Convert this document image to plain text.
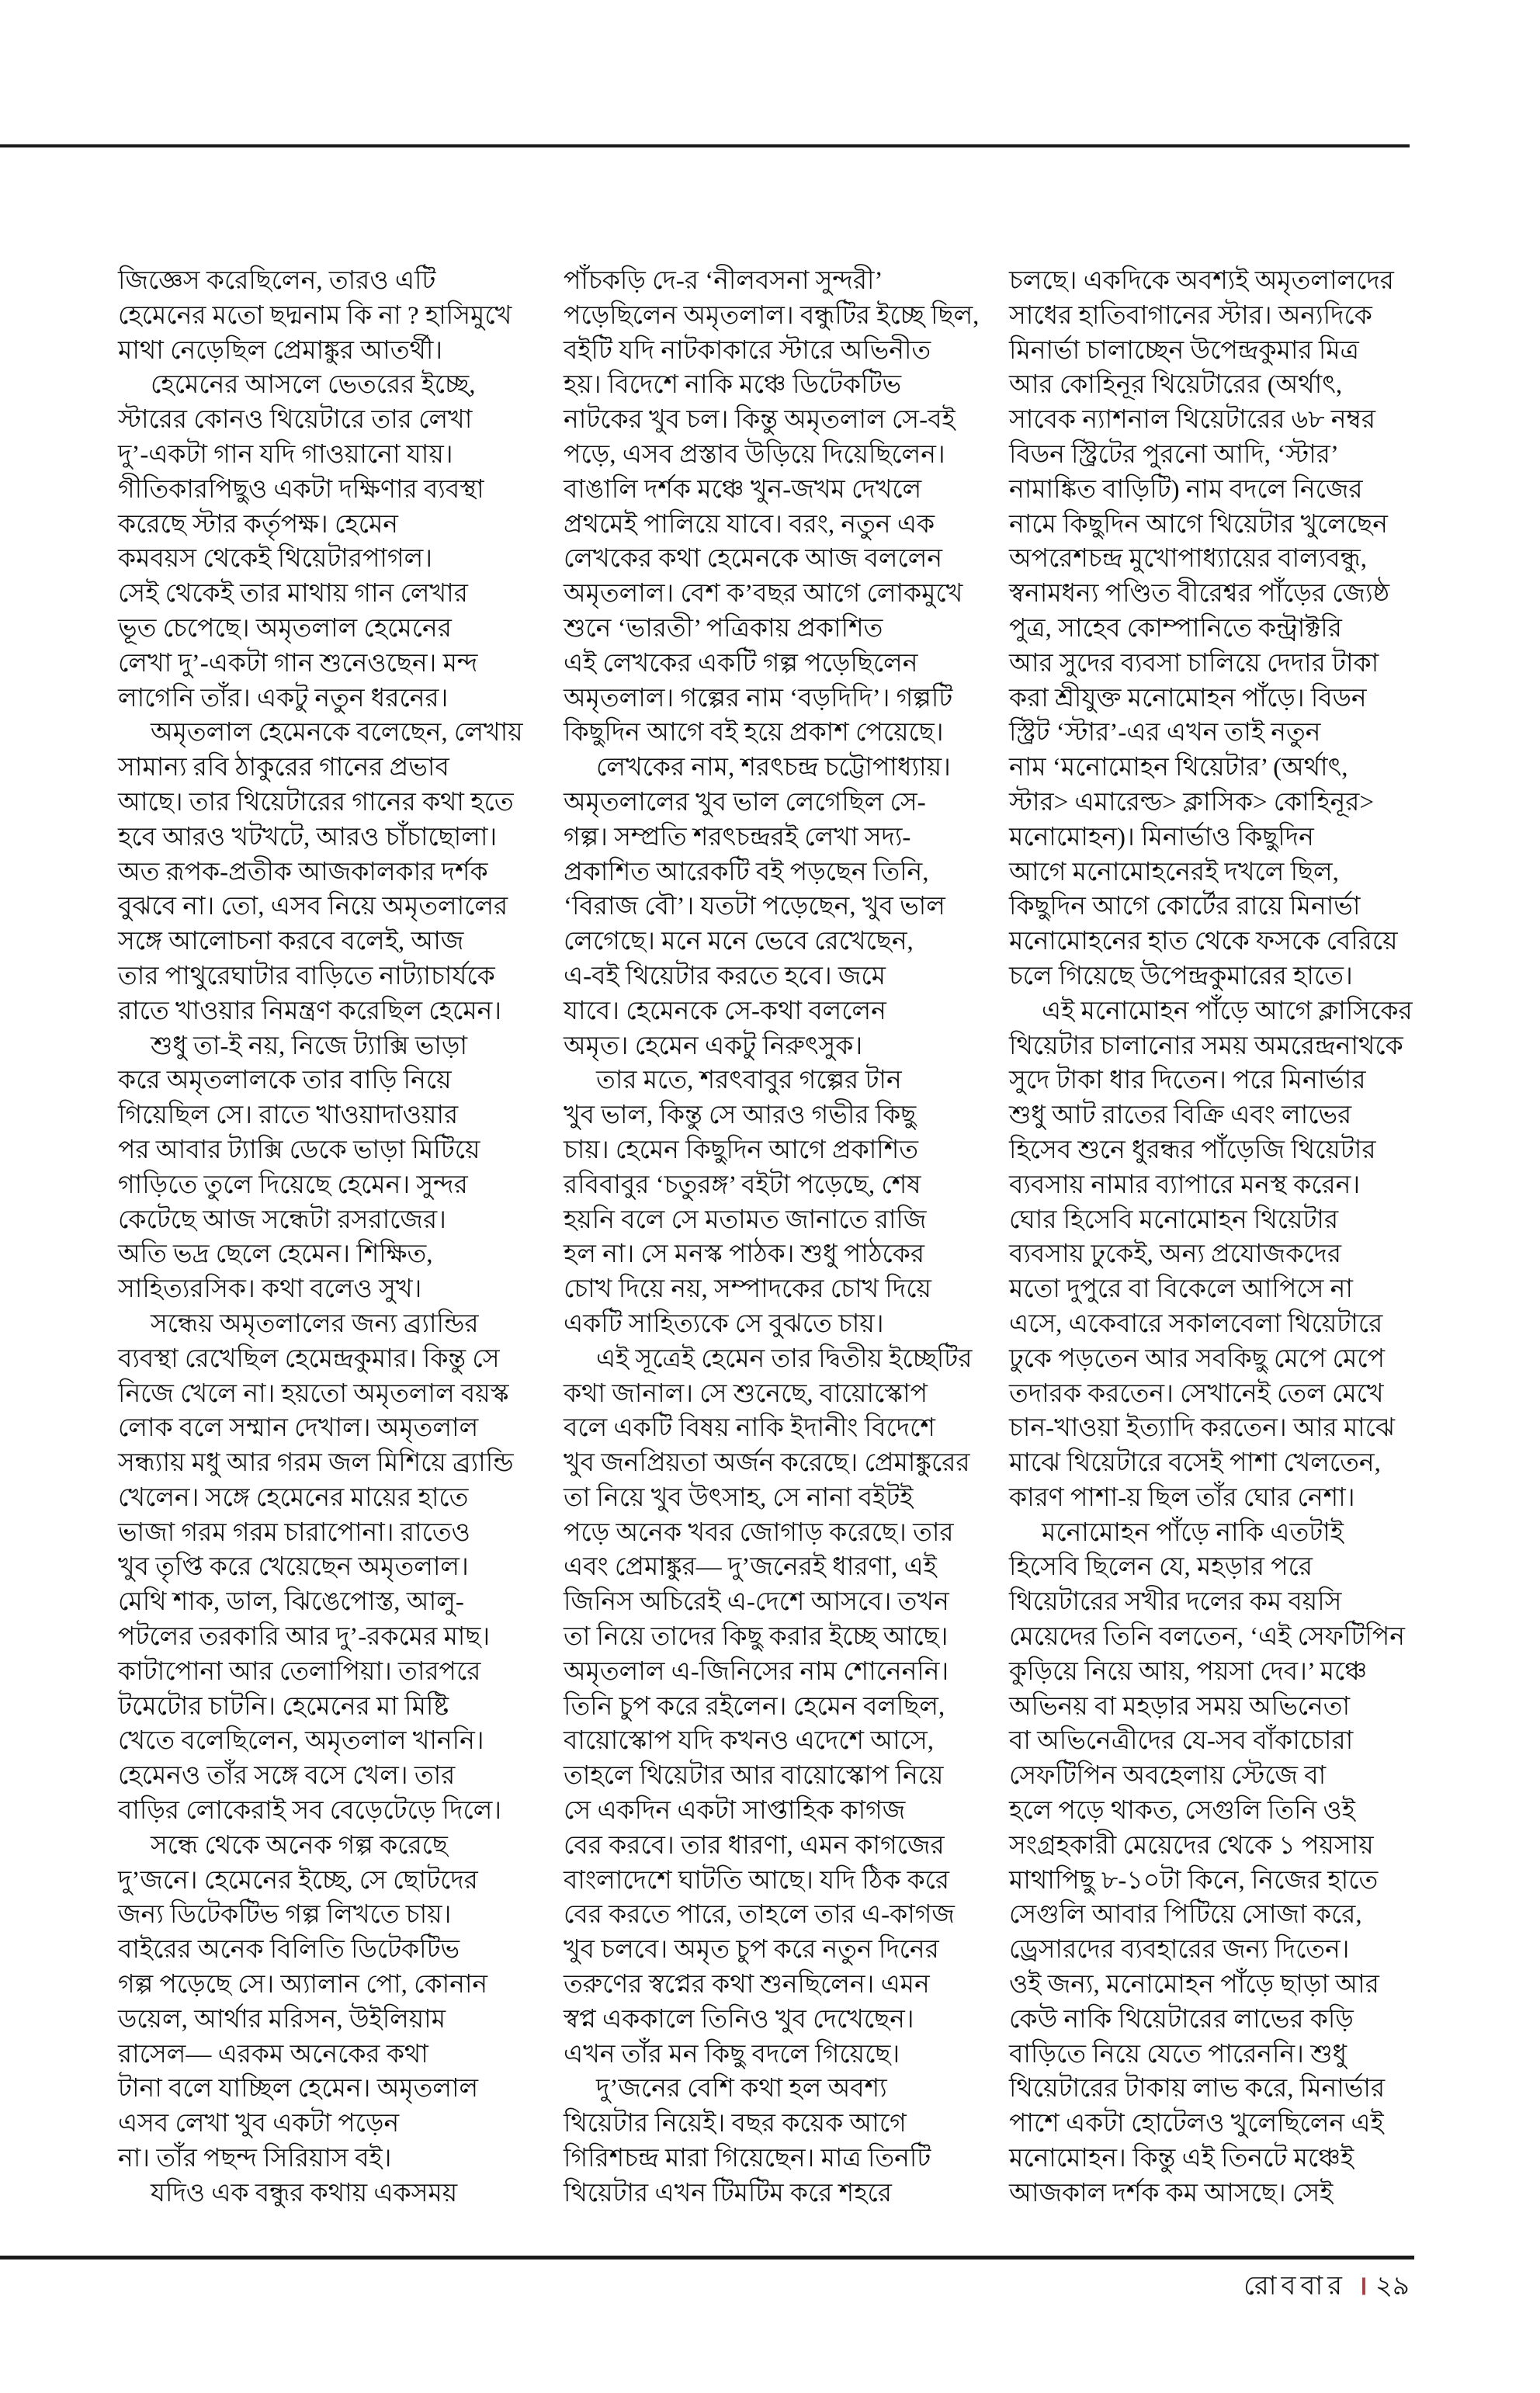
জিজ্ঞেস করেছিলেন, তারও এটি
হেমেনের মতো ছদ্মনাম কি না ? হাসিমুখে
মাথা নেড়েছিল প্রেমাঙ্কুর আতর্থী।
হেমেনের আসলে ভেতরের ইচ্ছে,
স্টারের কোনও থিয়েটারে তার লেখা
দু’-একটা গান যদি গাওয়ানো যায়।
গীতিকারপিছুও একটা দক্ষিণার ব্যবস্থা
করেছে স্টার কর্তৃপক্ষ। হেমেন
কমবয়স থেকেই থিয়েটারপাগল।
সেই থেকেই তার মাথায় গান লেখার
ভূত চেপেছে। অমৃতলাল হেমেনের
লেখা দু’-একটা গান শুনেওছেন। মন্দ
লাগেনি তাঁর। একটু নতুন ধরনের।
অমৃতলাল হেমেনকে বলেছেন, লেখায়
সামান্য রবি ঠাকুরের গানের প্রভাব
আছে। তার থিয়েটারের গানের কথা হতে
হবে আরও খটখটে, আরও চাঁচাছোলা।
অত রূপক-প্রতীক আজকালকার দর্শক
বুঝবে না। তো, এসব নিয়ে অমৃতলালের
সঙ্গে আলোচনা করবে বলেই, আজ
তার পাথুরেঘাটার বাড়িতে নাট্যাচার্যকে
রাতে খাওয়ার নিমন্ত্রণ করেছিল হেমেন।
শুধু তা-ই নয়, নিজে ট্যাক্সি ভাড়া
করে অমৃতলালকে তার বাড়ি নিয়ে
গিয়েছিল সে। রাতে খাওয়াদাওয়ার
পর আবার ট্যাক্সি ডেকে ভাড়া মিটিয়ে
গাড়িতে তুলে দিয়েছে হেমেন। সুন্দর
কেটেছে আজ সন্ধেটা রসরাজের।
অতি ভদ্র ছেলে হেমেন। শিক্ষিত,
সাহিত্যরসিক। কথা বলেও সুখ।
সন্ধেয় অমৃতলালের জন্য ব্র্যান্ডির
ব্যবস্থা রেখেছিল হেমেন্দ্রকুমার। কিন্তু সে
নিজে খেলে না। হয়তো অমৃতলাল বয়স্ক
লোক বলে সম্মান দেখাল। অমৃতলাল
সন্ধ্যায় মধু আর গরম জল মিশিয়ে ব্র্যান্ডি
খেলেন। সঙ্গে হেমেনের মায়ের হাতে
ভাজা গরম গরম চারাপোনা। রাতেও
খুব তৃপ্তি করে খেয়েছেন অমৃতলাল।
মেথি শাক, ডাল, ঝিঙেপোস্ত, আলু-
পটলের তরকারি আর দু’-রকমের মাছ।
কাটাপোনা আর তেলাপিয়া। তারপরে
টমেটোর চাটনি। হেমেনের মা মিষ্টি
খেতে বলেছিলেন, অমৃতলাল খাননি।
হেমেনও তাঁর সঙ্গে বসে খেল। তার
বাড়ির লোকেরাই সব বেড়েটেড়ে দিলে।
সন্ধে থেকে অনেক গল্প করেছে
দু’জনে। হেমেনের ইচ্ছে, সে ছোটদের
জন্য ডিটেকটিভ গল্প লিখতে চায়।
বাইরের অনেক বিলিতি ডিটেকটিভ
গল্প পড়েছে সে। অ্যালান পো, কোনান
ডয়েল, আর্থার মরিসন, উইলিয়াম
রাসেল— এরকম অনেকের কথা
টানা বলে যাচ্ছিল হেমেন। অমৃতলাল
এসব লেখা খুব একটা পড়েন
না। তাঁর পছন্দ সিরিয়াস বই।
যদিও এক বন্ধুর কথায় একসময়
পাঁচকড়ি দে-র ‘নীলবসনা সুন্দরী’
পড়েছিলেন অমৃতলাল। বন্ধুটির ইচ্ছে ছিল,
বইটি যদি নাটকাকারে স্টারে অভিনীত
হয়। বিদেশে নাকি মঞ্চে ডিটেকটিভ
নাটকের খুব চল। কিন্তু অমৃতলাল সে-বই
পড়ে, এসব প্রস্তাব উড়িয়ে দিয়েছিলেন।
বাঙালি দর্শক মঞ্চে খুন-জখম দেখলে
প্রথমেই পালিয়ে যাবে। বরং, নতুন এক
লেখকের কথা হেমেনকে আজ বললেন
অমৃতলাল। বেশ ক’বছর আগে লোকমুখে
শুনে ‘ভারতী’ পত্রিকায় প্রকাশিত
এই লেখকের একটি গল্প পড়েছিলেন
অমৃতলাল। গল্পের নাম ‘বড়দিদি’। গল্পটি
কিছুদিন আগে বই হয়ে প্রকাশ পেয়েছে।
লেখকের নাম, শরৎচন্দ্র চট্টোপাধ্যায়।
অমৃতলালের খুব ভাল লেগেছিল সে-
গল্প। সম্প্রতি শরৎচন্দ্ররই লেখা সদ্য-
প্রকাশিত আরেকটি বই পড়ছেন তিনি,
‘বিরাজ বৌ’। যতটা পড়েছেন, খুব ভাল
লেগেছে। মনে মনে ভেবে রেখেছেন,
এ-বই থিয়েটার করতে হবে। জমে
যাবে। হেমেনকে সে-কথা বললেন
অমৃত। হেমেন একটু নিরুৎসুক।
তার মতে, শরৎবাবুর গল্পের টান
খুব ভাল, কিন্তু সে আরও গভীর কিছু
চায়। হেমেন কিছুদিন আগে প্রকাশিত
রবিবাবুর ‘চতুরঙ্গ’ বইটা পড়েছে, শেষ
হয়নি বলে সে মতামত জানাতে রাজি
হল না। সে মনস্ক পাঠক। শুধু পাঠকের
চোখ দিয়ে নয়, সম্পাদকের চোখ দিয়ে
একটি সাহিত্যকে সে বুঝতে চায়।
এই সূত্রেই হেমেন তার দ্বিতীয় ইচ্ছেটির
কথা জানাল। সে শুনেছে, বায়োস্কোপ
বলে একটি বিষয় নাকি ইদানীং বিদেশে
খুব জনপ্রিয়তা অর্জন করেছে। প্রেমাঙ্কুরের
তা নিয়ে খুব উৎসাহ, সে নানা বইটই
পড়ে অনেক খবর জোগাড় করেছে। তার
এবং প্রেমাঙ্কুর— দু’জনেরই ধারণা, এই
জিনিস অচিরেই এ-দেশে আসবে। তখন
তা নিয়ে তাদের কিছু করার ইচ্ছে আছে।
অমৃতলাল এ-জিনিসের নাম শোনেননি।
তিনি চুপ করে রইলেন। হেমেন বলছিল,
বায়োস্কোপ যদি কখনও এদেশে আসে,
তাহলে থিয়েটার আর বায়োস্কোপ নিয়ে
সে একদিন একটা সাপ্তাহিক কাগজ
বের করবে। তার ধারণা, এমন কাগজের
বাংলাদেশে ঘাটতি আছে। যদি ঠিক করে
বের করতে পারে, তাহলে তার এ-কাগজ
খুব চলবে। অমৃত চুপ করে নতুন দিনের
তরুণের স্বপ্নের কথা শুনছিলেন। এমন
স্বপ্ন এককালে তিনিও খুব দেখেছেন।
এখন তাঁর মন কিছু বদলে গিয়েছে।
দু’জনের বেশি কথা হল অবশ্য
থিয়েটার নিয়েই। বছর কয়েক আগে
গিরিশচন্দ্র মারা গিয়েছেন। মাত্র তিনটি
থিয়েটার এখন টিমটিম করে শহরে
চলছে। একদিকে অবশ্যই অমৃতলালদের
সাধের হাতিবাগানের স্টার। অন্যদিকে
মিনার্ভা চালাচ্ছেন উপেন্দ্রকুমার মিত্র
আর কোহিনূর থিয়েটারের (অর্থাৎ,
সাবেক ন্যাশনাল থিয়েটারের ৬৮ নম্বর
বিডন স্ট্রিটের পুরনো আদি, ‘স্টার’
নামাঙ্কিত বাড়িটি) নাম বদলে নিজের
নামে কিছুদিন আগে থিয়েটার খুলেছেন
অপরেশচন্দ্র মুখোপাধ্যায়ের বাল্যবন্ধু,
স্বনামধন্য পণ্ডিত বীরেশ্বর পাঁড়ের জ্যেষ্ঠ
পুত্র, সাহেব কোম্পানিতে কন্ট্রাক্টরি
আর সুদের ব্যবসা চালিয়ে দেদার টাকা
করা শ্রীযুক্ত মনোমোহন পাঁড়ে। বিডন
স্ট্রিট ‘স্টার’-এর এখন তাই নতুন
নাম ‘মনোমোহন থিয়েটার’ (অর্থাৎ,
স্টার> এমারেল্ড> ক্লাসিক> কোহিনূর>
মনোমোহন)। মিনার্ভাও কিছুদিন
আগে মনোমোহনেরই দখলে ছিল,
কিছুদিন আগে কোর্টের রায়ে মিনার্ভা
মনোমোহনের হাত থেকে ফসকে বেরিয়ে
চলে গিয়েছে উপেন্দ্রকুমারের হাতে।
এই মনোমোহন পাঁড়ে আগে ক্লাসিকের
থিয়েটার চালানোর সময় অমরেন্দ্রনাথকে
সুদে টাকা ধার দিতেন। পরে মিনার্ভার
শুধু আট রাতের বিক্রি এবং লাভের
হিসেব শুনে ধুরন্ধর পাঁড়েজি থিয়েটার
ব্যবসায় নামার ব্যাপারে মনস্থ করেন।
ঘোর হিসেবি মনোমোহন থিয়েটার
ব্যবসায় ঢুকেই, অন্য প্রযোজকদের
মতো দুপুরে বা বিকেলে আপিসে না
এসে, একেবারে সকালবেলা থিয়েটারে
ঢুকে পড়তেন আর সবকিছু মেপে মেপে
তদারক করতেন। সেখানেই তেল মেখে
চান-খাওয়া ইত্যাদি করতেন। আর মাঝে
মাঝে থিয়েটারে বসেই পাশা খেলতেন,
কারণ পাশা-য় ছিল তাঁর ঘোর নেশা।
মনোমোহন পাঁড়ে নাকি এতটাই
হিসেবি ছিলেন যে, মহড়ার পরে
থিয়েটারের সখীর দলের কম বয়সি
মেয়েদের তিনি বলতেন, ‘এই সেফটিপিন
কুড়িয়ে নিয়ে আয়, পয়সা দেব।’ মঞ্চে
অভিনয় বা মহড়ার সময় অভিনেতা
বা অভিনেত্রীদের যে-সব বাঁকাচোরা
সেফটিপিন অবহেলায় স্টেজে বা
হলে পড়ে থাকত, সেগুলি তিনি ওই
সংগ্রহকারী মেয়েদের থেকে ১ পয়সায়
মাথাপিছু ৮-১০টা কিনে, নিজের হাতে
সেগুলি আবার পিটিয়ে সোজা করে,
ড্রেসারদের ব্যবহারের জন্য দিতেন।
ওই জন্য, মনোমোহন পাঁড়ে ছাড়া আর
কেউ নাকি থিয়েটারের লাভের কড়ি
বাড়িতে নিয়ে যেতে পারেননি। শুধু
থিয়েটারের টাকায় লাভ করে, মিনার্ভার
পাশে একটা হোটেলও খুলেছিলেন এই
মনোমোহন। কিন্তু এই তিনটে মঞ্চেই
আজকাল দর্শক কম আসছে। সেই
রোববার । ২৯
